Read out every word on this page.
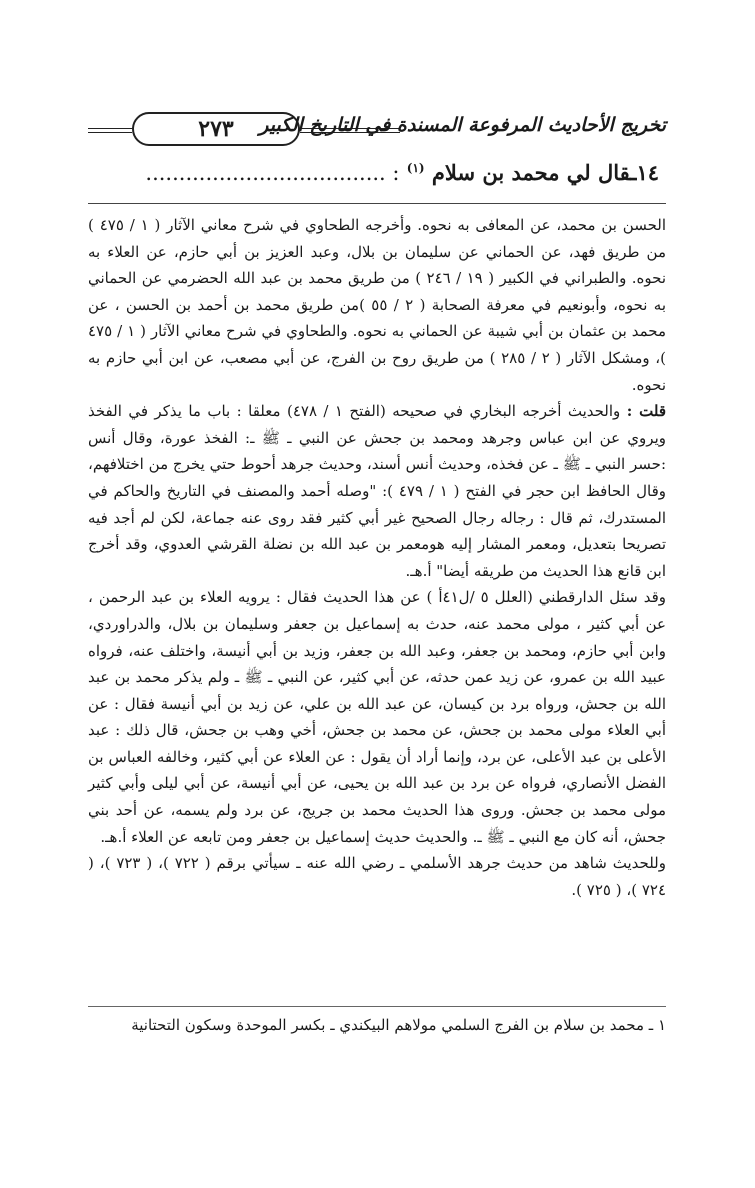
٢٧٣	تخريج الأحاديث المرفوعة المسندة في التاريخ الكبير
١٤ـقال لي محمد بن سلام $^{(١)}$ : ....................................

الحسن بن محمد، عن المعافى به نحوه. وأخرجه الطحاوي في شرح معاني الآثار ( ١ / ٤٧٥ ) من طريق فهد، عن الحماني عن سليمان بن بلال، وعبد العزيز بن أبي حازم، عن العلاء به نحوه. والطبراني في الكبير ( ١٩ / ٢٤٦ ) من طريق محمد بن عبد الله الحضرمي عن الحماني به نحوه، وأبونعيم في معرفة الصحابة ( ٢ / ٥٥ )من طريق محمد بن أحمد بن الحسن ، عن محمد بن عثمان بن أبي شيبة عن الحماني به نحوه. والطحاوي في شرح معاني الآثار ( ١ / ٤٧٥ )، ومشكل الآثار ( ٢ / ٢٨٥ ) من طريق روح بن الفرج، عن أبي مصعب، عن ابن أبي حازم به نحوه.

قلت : والحديث أخرجه البخاري في صحيحه (الفتح ١ / ٤٧٨) معلقا : باب ما يذكر في الفخذ ويروي عن ابن عباس وجرهد ومحمد بن جحش عن النبي ـ ﷺ ـ: الفخذ عورة، وقال أنس :حسر النبي ـ ﷺ ـ عن فخذه، وحديث أنس أسند، وحديث جرهد أحوط حتي يخرج من اختلافهم، وقال الحافظ ابن حجر في الفتح ( ١ / ٤٧٩ ): "وصله أحمد والمصنف في التاريخ والحاكم في المستدرك، ثم قال : رجاله رجال الصحيح غير أبي كثير فقد روى عنه جماعة، لكن لم أجد فيه تصريحا بتعديل، ومعمر المشار إليه هومعمر بن عبد الله بن نضلة القرشي العدوي، وقد أخرج ابن قانع هذا الحديث من طريقه أيضا" أ.هـ.

وقد سئل الدارقطني (العلل ٥ /ل٤١أ ) عن هذا الحديث فقال : يرويه العلاء بن عبد الرحمن ، عن أبي كثير ، مولى محمد عنه، حدث به إسماعيل بن جعفر وسليمان بن بلال، والدراوردي، وابن أبي حازم، ومحمد بن جعفر، وعبد الله بن جعفر، وزيد بن أبي أنيسة، واختلف عنه، فرواه عبيد الله بن عمرو، عن زيد عمن حدثه، عن أبي كثير، عن النبي ـ ﷺ ـ ولم يذكر محمد بن عبد الله بن جحش، ورواه برد بن كيسان، عن عبد الله بن علي، عن زيد بن أبي أنيسة فقال : عن أبي العلاء مولى محمد بن جحش، عن محمد بن جحش، أخي وهب بن جحش، قال ذلك : عبد الأعلى بن عبد الأعلى، عن برد، وإنما أراد أن يقول : عن العلاء عن أبي كثير، وخالفه العباس بن الفضل الأنصاري، فرواه عن برد بن عبد الله بن يحيى، عن أبي أنيسة، عن أبي ليلى وأبي كثير مولى محمد بن جحش. وروى هذا الحديث محمد بن جريج، عن برد ولم يسمه، عن أحد بني جحش، أنه كان مع النبي ـ ﷺ ـ. والحديث حديث إسماعيل بن جعفر ومن تابعه عن العلاء أ.هـ.

وللحديث شاهد من حديث جرهد الأسلمي ـ رضي الله عنه ـ سيأتي برقم ( ٧٢٢ )، ( ٧٢٣ )، ( ٧٢٤ )، ( ٧٢٥ ).

١ ـ محمد بن سلام بن الفرج السلمي مولاهم البيكندي ـ بكسر الموحدة وسكون التحتانية
